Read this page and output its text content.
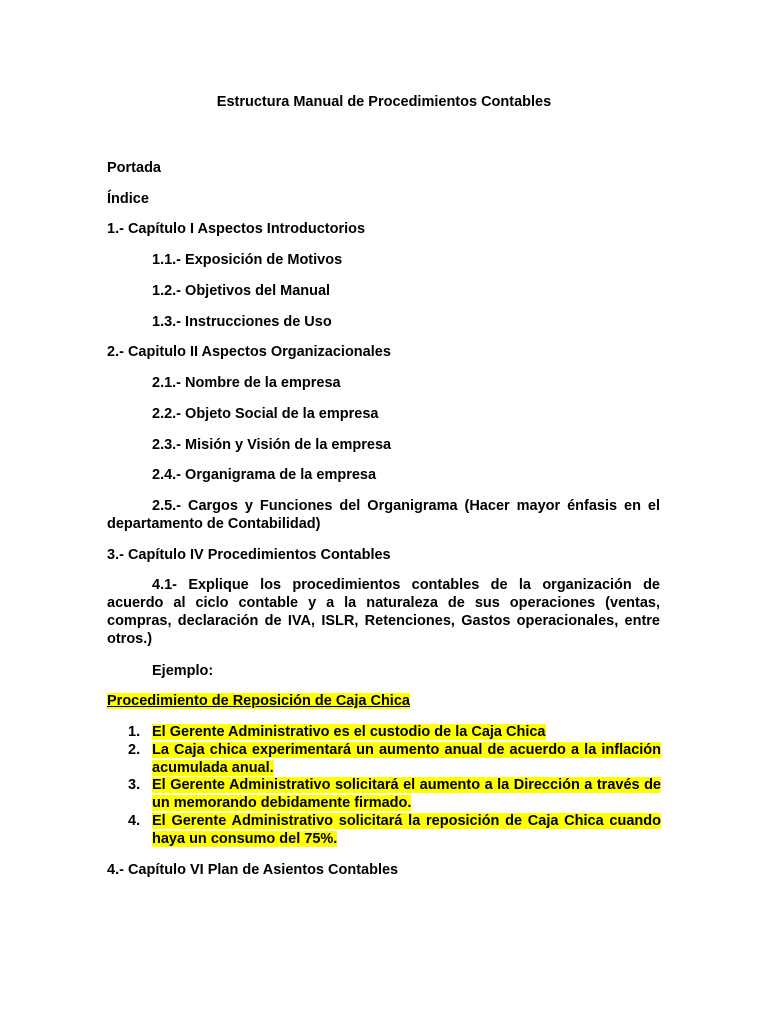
Estructura Manual de Procedimientos Contables
Portada
Índice
1.- Capítulo I Aspectos Introductorios
1.1.- Exposición de Motivos
1.2.- Objetivos del Manual
1.3.- Instrucciones de Uso
2.- Capitulo II Aspectos Organizacionales
2.1.- Nombre de la empresa
2.2.- Objeto Social de la empresa
2.3.- Misión y Visión de la empresa
2.4.- Organigrama de la empresa
2.5.- Cargos y Funciones del Organigrama (Hacer mayor énfasis en el departamento de Contabilidad)
3.- Capítulo IV Procedimientos Contables
4.1- Explique los procedimientos contables de la organización de acuerdo al ciclo contable y a la naturaleza de sus operaciones (ventas, compras, declaración de IVA, ISLR, Retenciones, Gastos operacionales, entre otros.)
Ejemplo:
Procedimiento de Reposición de Caja Chica
1. El Gerente Administrativo es el custodio de la Caja Chica
2. La Caja chica experimentará un aumento anual de acuerdo a la inflación acumulada anual.
3. El Gerente Administrativo solicitará el aumento a la Dirección a través de un memorando debidamente firmado.
4. El Gerente Administrativo solicitará la reposición de Caja Chica cuando haya un consumo del 75%.
4.- Capítulo VI Plan de Asientos Contables
